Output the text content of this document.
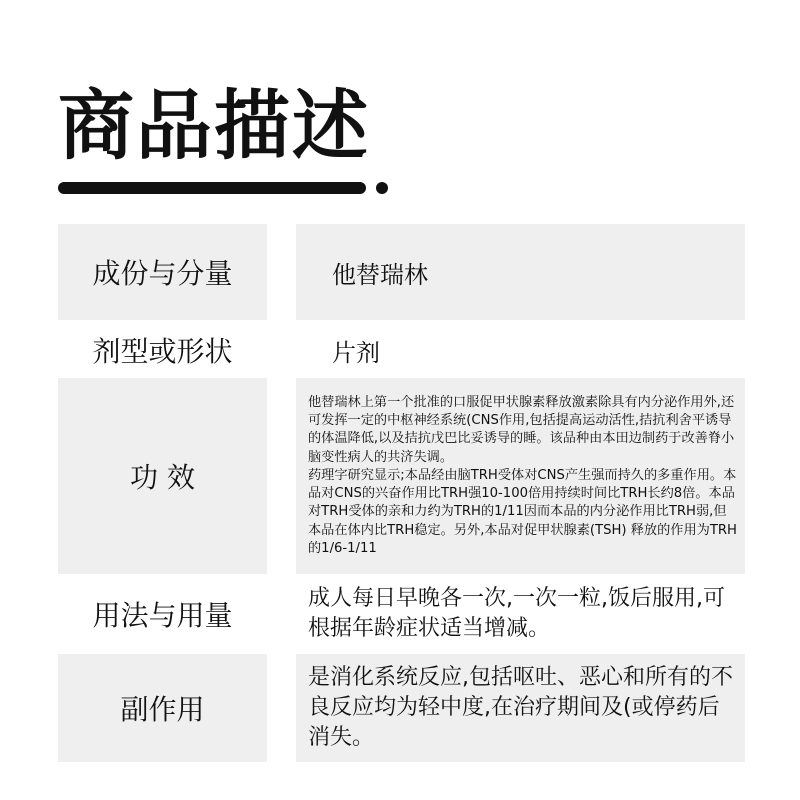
商品描述
成份与分量	他替瑞林
剂型或形状	片剂
功 效
他替瑞林上第一个批准的口服促甲状腺素释放激素除具有内分泌作用外,还可发挥一定的中枢神经系统(CNS作用,包括提高运动活性,拮抗利舍平诱导的体温降低,以及拮抗戊巴比妥诱导的睡。该品种由本田边制药于改善脊小脑变性病人的共济失调。
药理字研究显示;本品经由脑TRH受体对CNS产生强而持久的多重作用。本品对CNS的兴奋作用比TRH强10-100倍用持续时间比TRH长约8倍。本品对TRH受体的亲和力约为TRH的1/11因而本品的内分泌作用比TRH弱,但本品在体内比TRH稳定。另外,本品对促甲状腺素(TSH) 释放的作用为TRH的1/6-1/11
用法与用量
成人每日早晚各一次,一次一粒,饭后服用,可根据年龄症状适当增减。
副作用
是消化系统反应,包括呕吐、恶心和所有的不良反应均为轻中度,在治疗期间及(或停药后消失。
